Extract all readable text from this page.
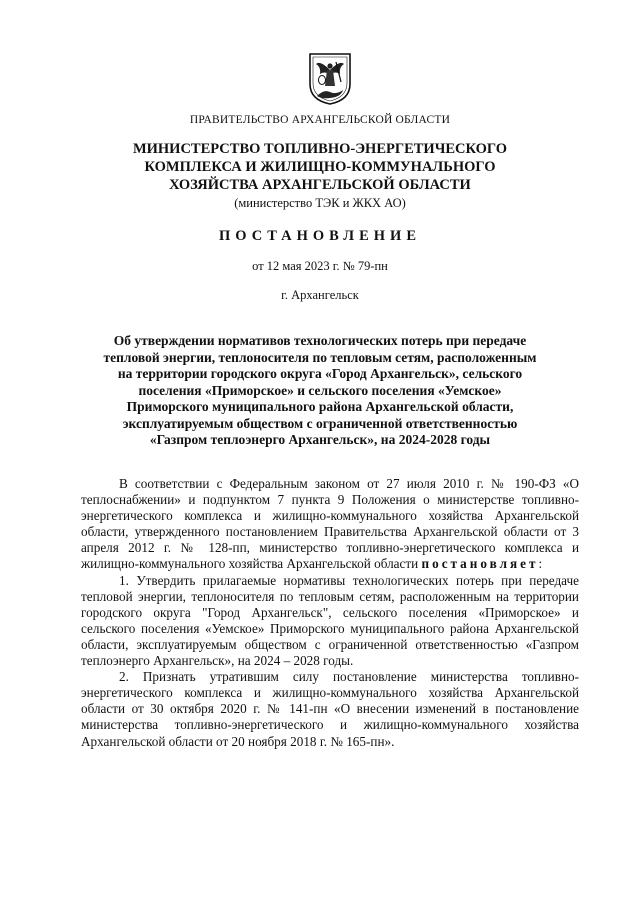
ПРАВИТЕЛЬСТВО АРХАНГЕЛЬСКОЙ ОБЛАСТИ
МИНИСТЕРСТВО ТОПЛИВНО-ЭНЕРГЕТИЧЕСКОГО
КОМПЛЕКСА И ЖИЛИЩНО-КОММУНАЛЬНОГО
ХОЗЯЙСТВА АРХАНГЕЛЬСКОЙ ОБЛАСТИ
(министерство ТЭК и ЖКХ АО)
ПОСТАНОВЛЕНИЕ
от 12 мая 2023 г. № 79-пн
г. Архангельск
Об утверждении нормативов технологических потерь при передаче тепловой энергии, теплоносителя по тепловым сетям, расположенным на территории городского округа «Город Архангельск», сельского поселения «Приморское» и сельского поселения «Уемское» Приморского муниципального района Архангельской области, эксплуатируемым обществом с ограниченной ответственностью «Газпром теплоэнерго Архангельск», на 2024-2028 годы

В соответствии с Федеральным законом от 27 июля 2010 г. № 190-ФЗ «О теплоснабжении» и подпунктом 7 пункта 9 Положения о министерстве топливно-энергетического комплекса и жилищно-коммунального хозяйства Архангельской области, утвержденного постановлением Правительства Архангельской области от 3 апреля 2012 г. № 128-пп, министерство топливно-энергетического комплекса и жилищно-коммунального хозяйства Архангельской области постановляет:

1. Утвердить прилагаемые нормативы технологических потерь при передаче тепловой энергии, теплоносителя по тепловым сетям, расположенным на территории городского округа "Город Архангельск", сельского поселения «Приморское» и сельского поселения «Уемское» Приморского муниципального района Архангельской области, эксплуатируемым обществом с ограниченной ответственностью «Газпром теплоэнерго Архангельск», на 2024 – 2028 годы.

2. Признать утратившим силу постановление министерства топливно-энергетического комплекса и жилищно-коммунального хозяйства Архангельской области от 30 октября 2020 г. № 141-пн «О внесении изменений в постановление министерства топливно-энергетического и жилищно-коммунального хозяйства Архангельской области от 20 ноября 2018 г. № 165-пн».
